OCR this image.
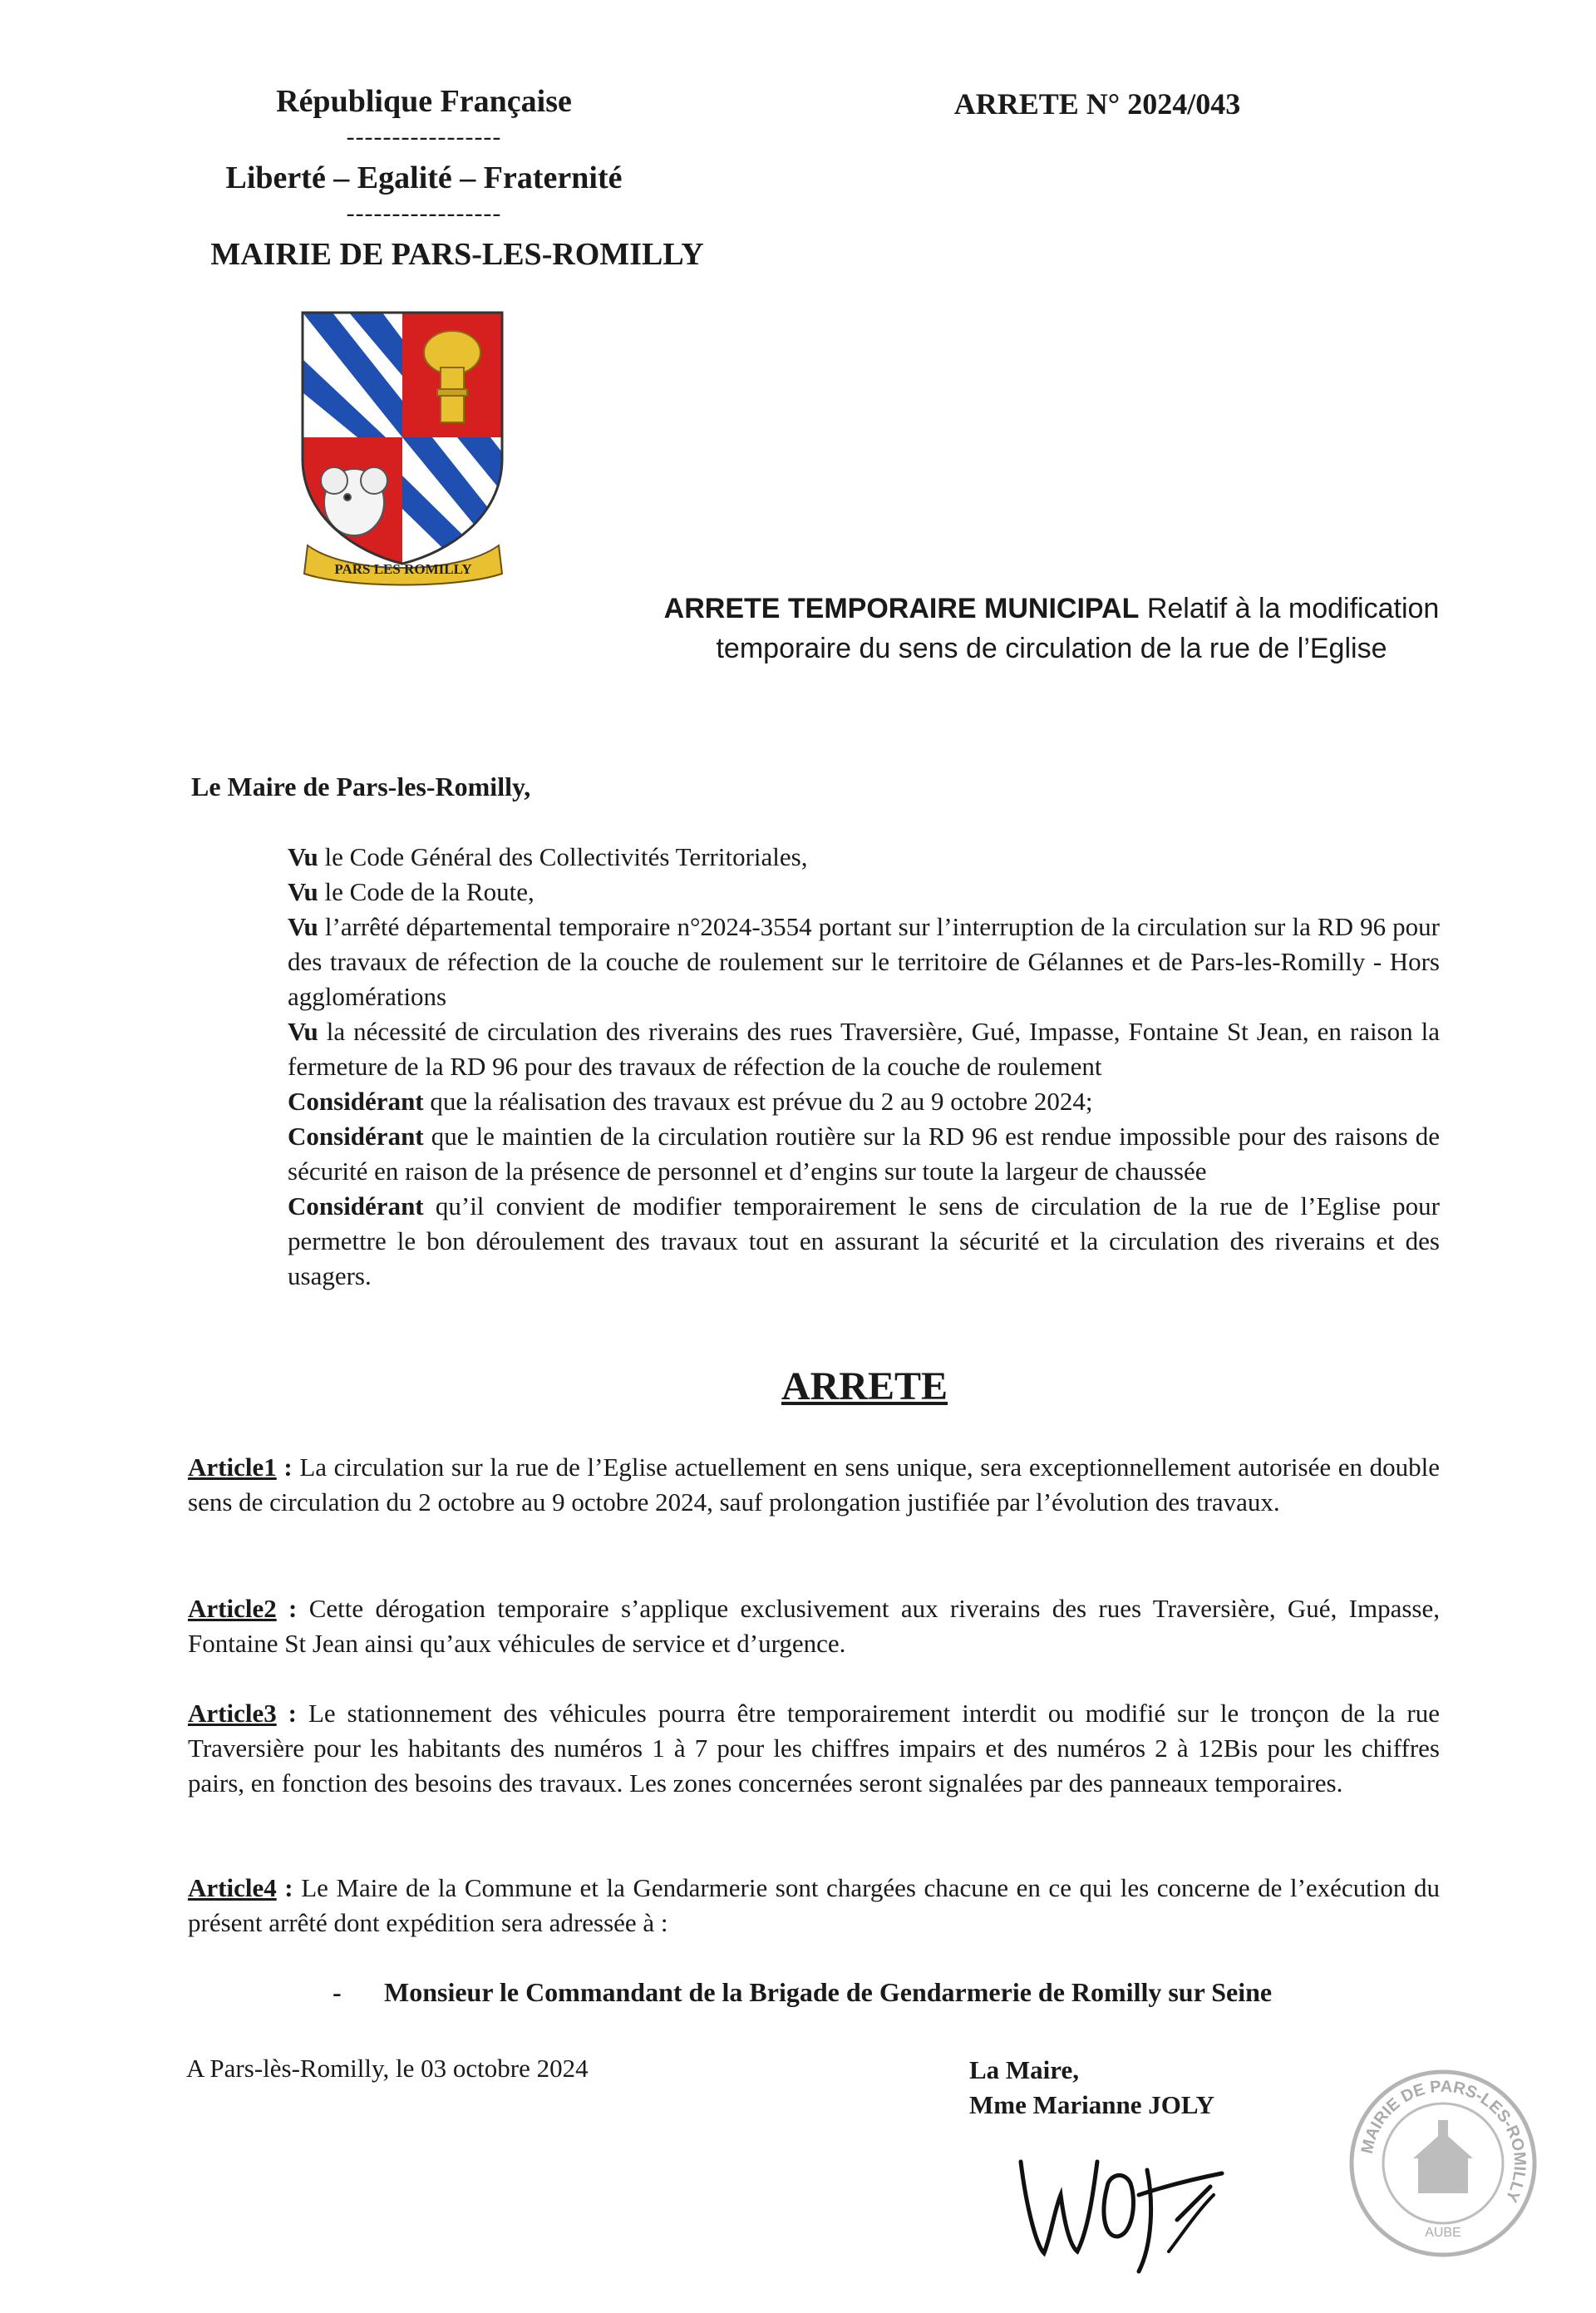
République Française
-----------------
Liberté – Egalité – Fraternité
-----------------
MAIRIE DE PARS-LES-ROMILLY
ARRETE N° 2024/043
PARS LES ROMILLY
ARRETE TEMPORAIRE MUNICIPAL Relatif à la modification
temporaire du sens de circulation de la rue de l’Eglise
Le Maire de Pars-les-Romilly,

Vu le Code Général des Collectivités Territoriales,

Vu le Code de la Route,

Vu l’arrêté départemental temporaire n°2024-3554 portant sur l’interruption de la circulation sur la RD 96 pour des travaux de réfection de la couche de roulement sur le territoire de Gélannes et de Pars-les-Romilly - Hors agglomérations

Vu la nécessité de circulation des riverains des rues Traversière, Gué, Impasse, Fontaine St Jean, en raison la fermeture de la RD 96 pour des travaux de réfection de la couche de roulement

Considérant que la réalisation des travaux est prévue du 2 au 9 octobre 2024;

Considérant que le maintien de la circulation routière sur la RD 96 est rendue impossible pour des raisons de sécurité en raison de la présence de personnel et d’engins sur toute la largeur de chaussée

Considérant qu’il convient de modifier temporairement le sens de circulation de la rue de l’Eglise pour permettre le bon déroulement des travaux tout en assurant la sécurité et la circulation des riverains et des usagers.

ARRETE

Article1 : La circulation sur la rue de l’Eglise actuellement en sens unique, sera exceptionnellement autorisée en double sens de circulation du 2 octobre au 9 octobre 2024, sauf prolongation justifiée par l’évolution des travaux.

Article2 : Cette dérogation temporaire s’applique exclusivement aux riverains des rues Traversière, Gué, Impasse, Fontaine St Jean ainsi qu’aux véhicules de service et d’urgence.

Article3 : Le stationnement des véhicules pourra être temporairement interdit ou modifié sur le tronçon de la rue Traversière pour les habitants des numéros 1 à 7 pour les chiffres impairs et des numéros 2 à 12Bis pour les chiffres pairs, en fonction des besoins des travaux. Les zones concernées seront signalées par des panneaux temporaires.

Article4 : Le Maire de la Commune et la Gendarmerie sont chargées chacune en ce qui les concerne de l’exécution du présent arrêté dont expédition sera adressée à :

- Monsieur le Commandant de la Brigade de Gendarmerie de Romilly sur Seine
A Pars-lès-Romilly, le 03 octobre 2024	La Maire,
Mme Marianne JOLY
MAIRIE DE PARS-LES-ROMILLY
AUBE
